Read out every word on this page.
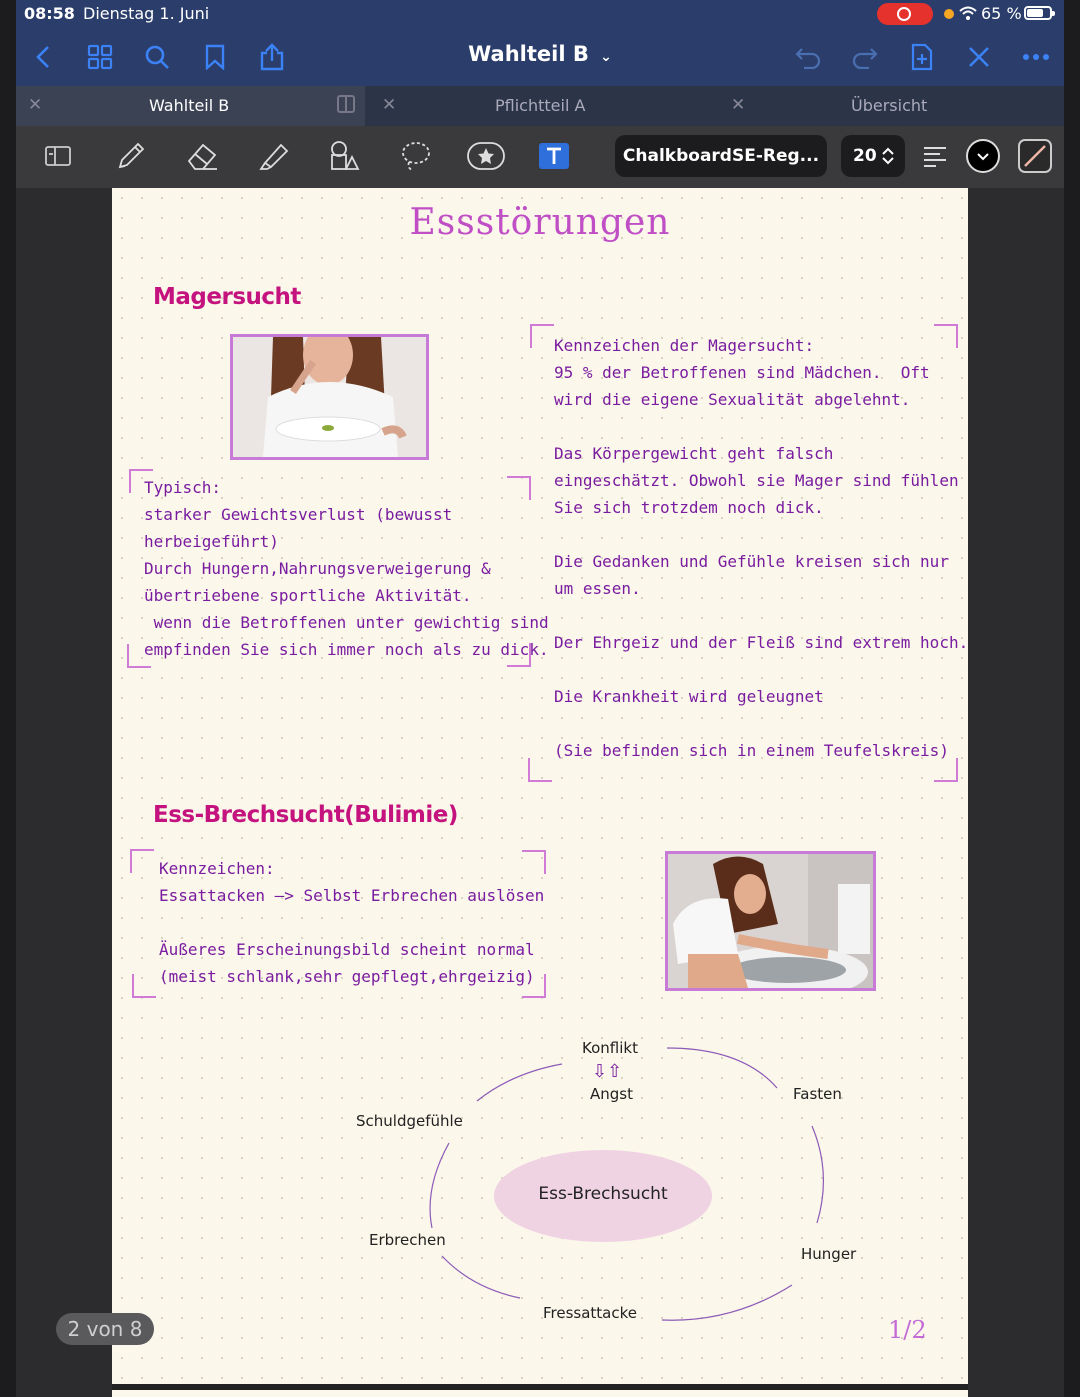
08:58 Dienstag 1. Juni	65 %
Wahlteil B ⌄
✕	Wahlteil B	✕	Pflichtteil A	✕	Übersicht
ChalkboardSE-Reg...	20
Essstörungen
Magersucht
Typisch:
starker Gewichtsverlust (bewusst
herbeigeführt)
Durch Hungern,Nahrungsverweigerung &
übertriebene sportliche Aktivität.
wenn die Betroffenen unter gewichtig sind
empfinden Sie sich immer noch als zu dick.
Kennzeichen der Magersucht:
95 % der Betroffenen sind Mädchen.  Oft
wird die eigene Sexualität abgelehnt.

Das Körpergewicht geht falsch
eingeschätzt. Obwohl sie Mager sind fühlen
Sie sich trotzdem noch dick.

Die Gedanken und Gefühle kreisen sich nur
um essen.

Der Ehrgeiz und der Fleiß sind extrem hoch.

Die Krankheit wird geleugnet

(Sie befinden sich in einem Teufelskreis)
Ess-Brechsucht(Bulimie)
Kennzeichen:
Essattacken —> Selbst Erbrechen auslösen

Äußeres Erscheinungsbild scheint normal
(meist schlank,sehr gepflegt,ehrgeizig)
Konflikt
⇩⇧
Angst	Fasten
Hunger
Fressattacke
Erbrechen
Schuldgefühle
Ess-Brechsucht
1/2
2 von 8
